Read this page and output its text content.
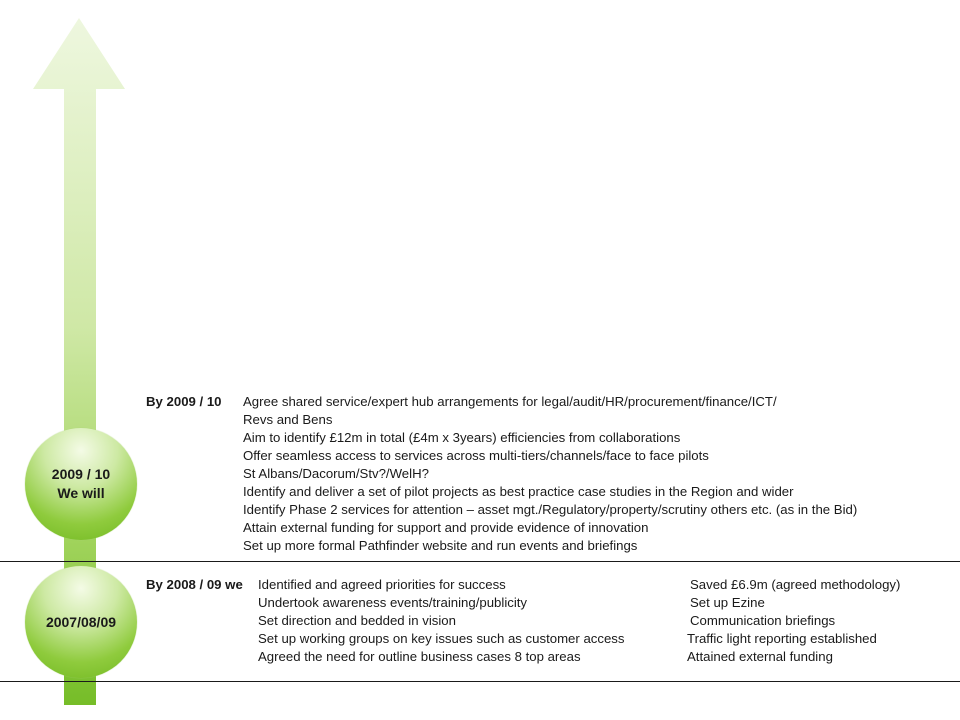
2009 / 10
We will
2007/08/09
By 2009 / 10 Agree shared service/expert hub arrangements for legal/audit/HR/procurement/finance/ICT/
Revs and Bens
Aim to identify £12m in total (£4m x 3years) efficiencies from collaborations
Offer seamless access to services across multi-tiers/channels/face to face pilots
St Albans/Dacorum/Stv?/WelH?
Identify and deliver a set of pilot projects as best practice case studies in the Region and wider
Identify Phase 2 services for attention – asset mgt./Regulatory/property/scrutiny others etc. (as in the Bid)
Attain external funding for support and provide evidence of innovation
Set up more formal Pathfinder website and run events and briefings
By 2008 / 09 we Identified and agreed priorities for success
Undertook awareness events/training/publicity
Set direction and bedded in vision
Set up working groups on key issues such as customer access
Agreed the need for outline business cases 8 top areas
Saved £6.9m (agreed methodology)
Set up Ezine
Communication briefings
Traffic light reporting established
Attained external funding
